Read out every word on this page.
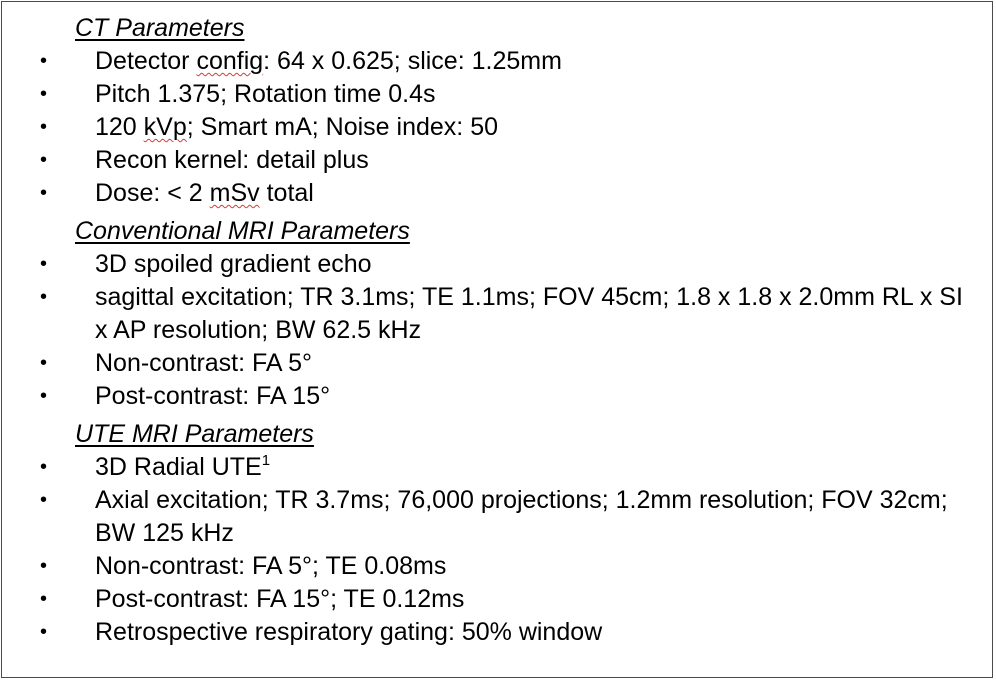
CT Parameters
• Detector config: 64 x 0.625; slice: 1.25mm
• Pitch 1.375; Rotation time 0.4s
• 120 kVp; Smart mA; Noise index: 50
• Recon kernel: detail plus
• Dose: < 2 mSv total
Conventional MRI Parameters
• 3D spoiled gradient echo
• sagittal excitation; TR 3.1ms; TE 1.1ms; FOV 45cm; 1.8 x 1.8 x 2.0mm RL x SI x AP resolution; BW 62.5 kHz
• Non-contrast: FA 5°
• Post-contrast: FA 15°
UTE MRI Parameters
• 3D Radial UTE$^1$
• Axial excitation; TR 3.7ms; 76,000 projections; 1.2mm resolution; FOV 32cm; BW 125 kHz
• Non-contrast: FA 5°; TE 0.08ms
• Post-contrast: FA 15°; TE 0.12ms
• Retrospective respiratory gating: 50% window
